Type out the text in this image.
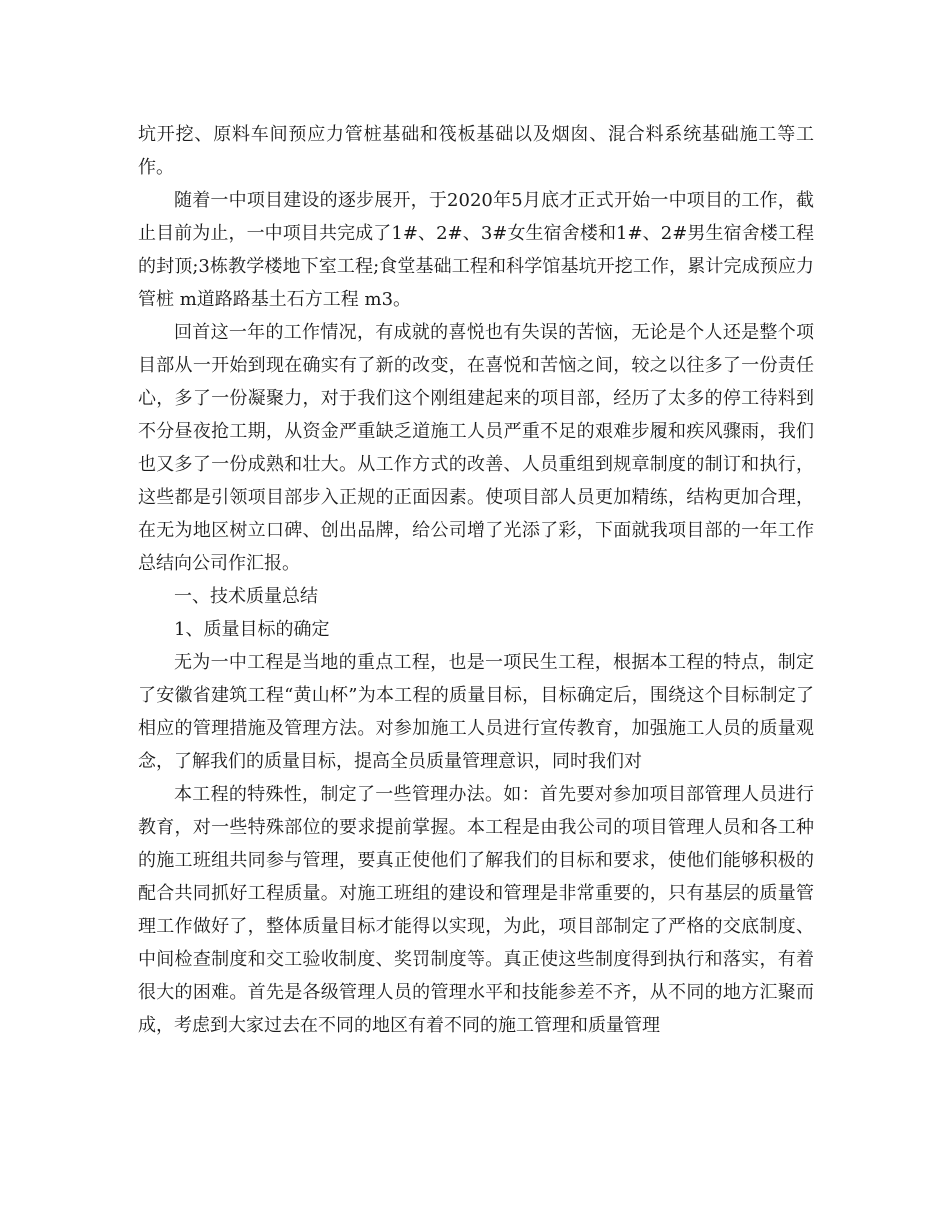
坑开挖、原料车间预应力管桩基础和筏板基础以及烟囱、混合料系统基础施工等工作。

随着一中项目建设的逐步展开，于2020年5月底才正式开始一中项目的工作，截止目前为止，一中项目共完成了1#、2#、3#女生宿舍楼和1#、2#男生宿舍楼工程的封顶;3栋教学楼地下室工程;食堂基础工程和科学馆基坑开挖工作，累计完成预应力管桩 m道路路基土石方工程 m3。

回首这一年的工作情况，有成就的喜悦也有失误的苦恼，无论是个人还是整个项目部从一开始到现在确实有了新的改变，在喜悦和苦恼之间，较之以往多了一份责任心，多了一份凝聚力，对于我们这个刚组建起来的项目部，经历了太多的停工待料到不分昼夜抢工期，从资金严重缺乏道施工人员严重不足的艰难步履和疾风骤雨，我们也又多了一份成熟和壮大。从工作方式的改善、人员重组到规章制度的制订和执行，这些都是引领项目部步入正规的正面因素。使项目部人员更加精练，结构更加合理，在无为地区树立口碑、创出品牌，给公司增了光添了彩，下面就我项目部的一年工作总结向公司作汇报。

一、技术质量总结

1、质量目标的确定

无为一中工程是当地的重点工程，也是一项民生工程，根据本工程的特点，制定了安徽省建筑工程“黄山杯”为本工程的质量目标，目标确定后，围绕这个目标制定了相应的管理措施及管理方法。对参加施工人员进行宣传教育，加强施工人员的质量观念，了解我们的质量目标，提高全员质量管理意识，同时我们对

本工程的特殊性，制定了一些管理办法。如：首先要对参加项目部管理人员进行教育，对一些特殊部位的要求提前掌握。本工程是由我公司的项目管理人员和各工种的施工班组共同参与管理，要真正使他们了解我们的目标和要求，使他们能够积极的配合共同抓好工程质量。对施工班组的建设和管理是非常重要的，只有基层的质量管理工作做好了，整体质量目标才能得以实现，为此，项目部制定了严格的交底制度、中间检查制度和交工验收制度、奖罚制度等。真正使这些制度得到执行和落实，有着很大的困难。首先是各级管理人员的管理水平和技能参差不齐，从不同的地方汇聚而成，考虑到大家过去在不同的地区有着不同的施工管理和质量管理
